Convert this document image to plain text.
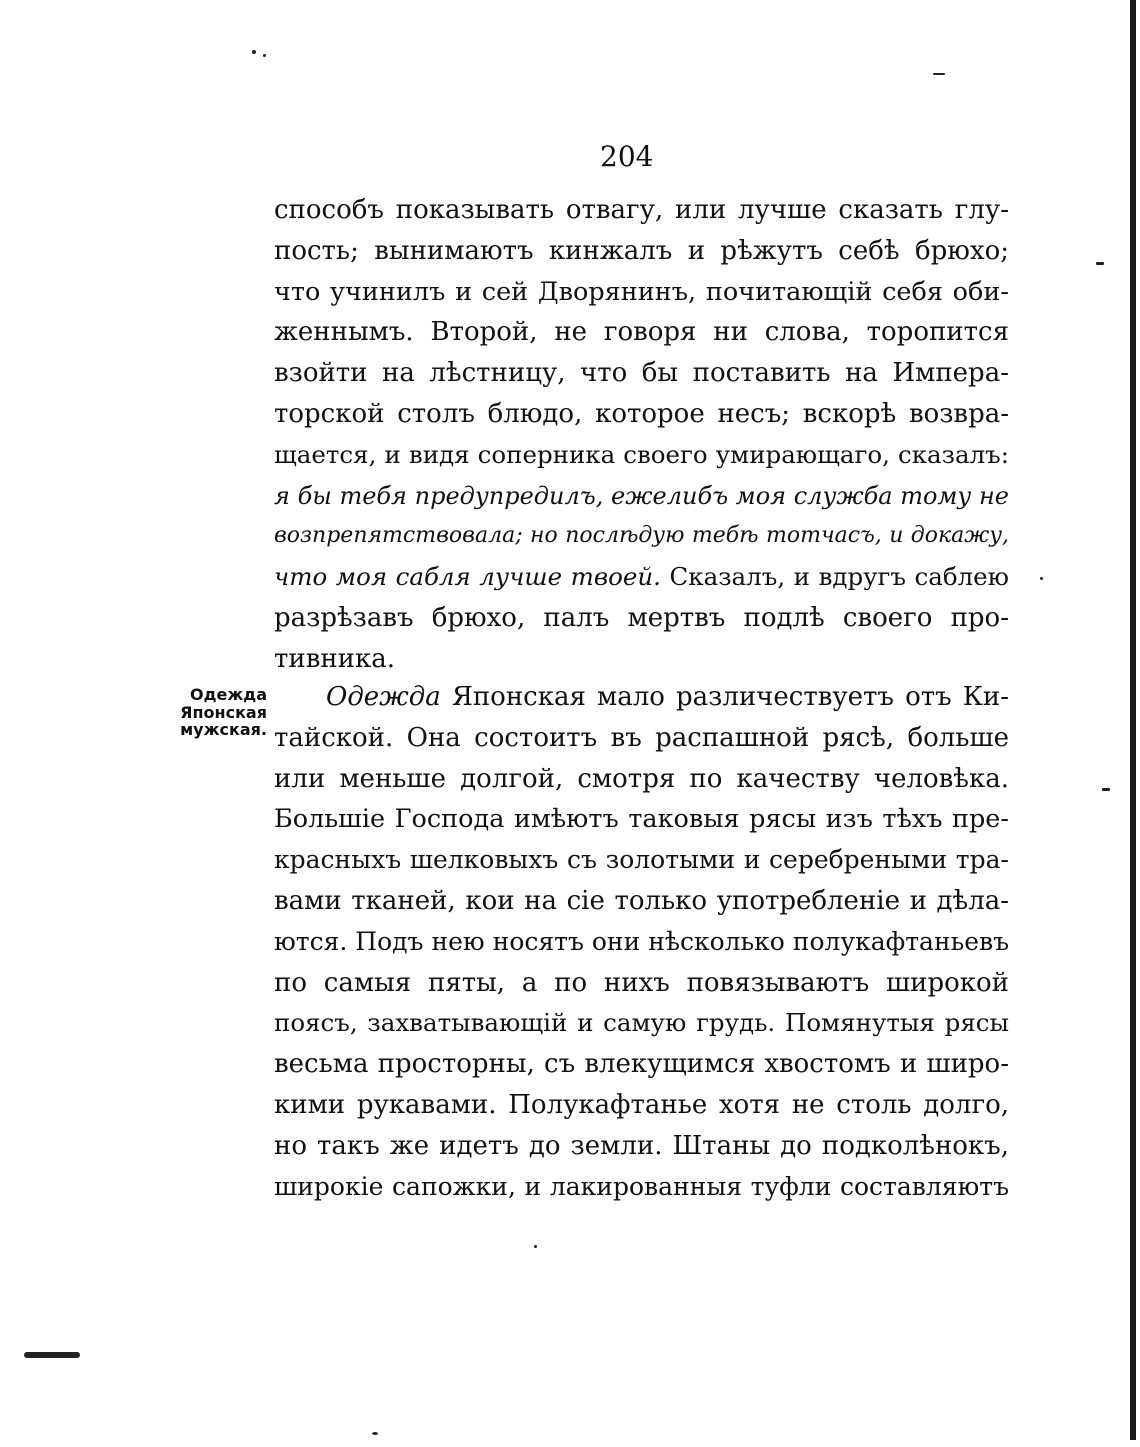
204
способъ показывать отвагу, или лучше сказать глу-
пость; вынимаютъ кинжалъ и рѣжутъ себѣ брюхо;
что учинилъ и сей Дворянинъ, почитающій себя оби-
женнымъ. Второй, не говоря ни слова, торопится
взойти на лѣстницу, что бы поставить на Импера-
торской столъ блюдо, которое несъ; вскорѣ возвра-
щается, и видя соперника своего умирающаго, сказалъ:
я бы тебя предупредилъ, ежелибъ моя служба тому не
возпрепятствовала; но послѣдую тебѣ тотчасъ, и докажу,
что моя сабля лучше твоей. Сказалъ, и вдругъ саблею
разрѣзавъ брюхо, палъ мертвъ подлѣ своего про-
тивника.
Одежда
Японская
мужская.
Одежда Японская мало различествуетъ отъ Ки-
тайской. Она состоитъ въ распашной рясѣ, больше
или меньше долгой, смотря по качеству человѣка.
Большіе Господа имѣютъ таковыя рясы изъ тѣхъ пре-
красныхъ шелковыхъ съ золотыми и серебреными тра-
вами тканей, кои на сіе только употребленіе и дѣла-
ются. Подъ нею носятъ они нѣсколько полукафтаньевъ
по самыя пяты, а по нихъ повязываютъ широкой
поясъ, захватывающій и самую грудь. Помянутыя рясы
весьма просторны, съ влекущимся хвостомъ и широ-
кими рукавами. Полукафтанье хотя не столь долго,
но такъ же идетъ до земли. Штаны до подколѣнокъ,
широкіе сапожки, и лакированныя туфли составляютъ
